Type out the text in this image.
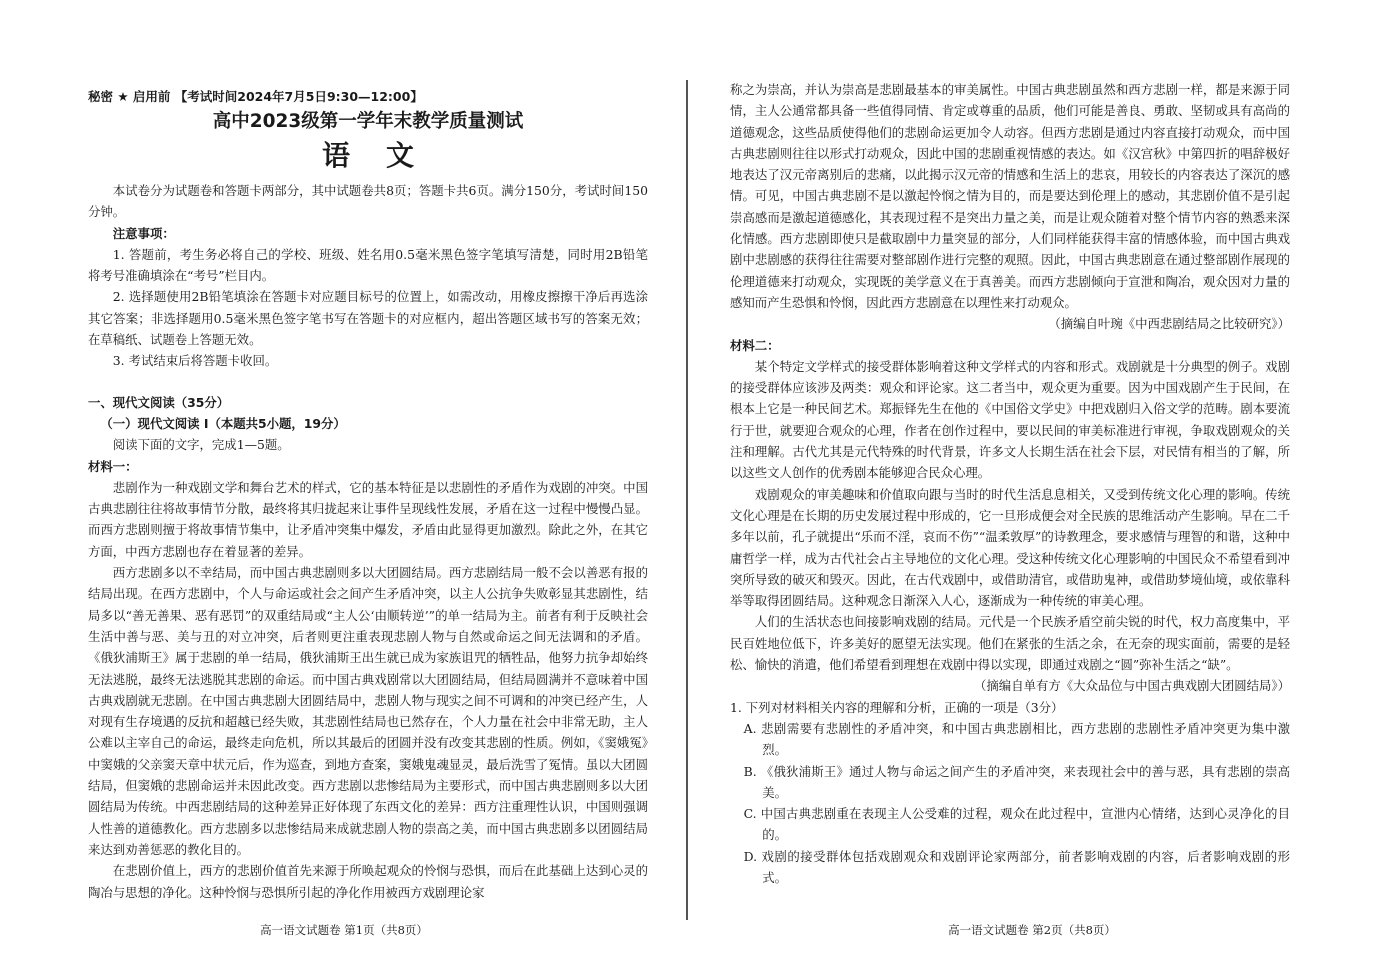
秘密 ★ 启用前 【考试时间2024年7月5日9:30—12:00】
高中2023级第一学年末教学质量测试
语文

本试卷分为试题卷和答题卡两部分，其中试题卷共8页；答题卡共6页。满分150分，考试时间150分钟。

注意事项：

1. 答题前，考生务必将自己的学校、班级、姓名用0.5毫米黑色签字笔填写清楚，同时用2B铅笔将考号准确填涂在“考号”栏目内。

2. 选择题使用2B铅笔填涂在答题卡对应题目标号的位置上，如需改动，用橡皮擦擦干净后再选涂其它答案；非选择题用0.5毫米黑色签字笔书写在答题卡的对应框内，超出答题区域书写的答案无效；在草稿纸、试题卷上答题无效。

3. 考试结束后将答题卡收回。

一、现代文阅读（35分）

（一）现代文阅读 Ⅰ（本题共5小题，19分）

阅读下面的文字，完成1—5题。

材料一：

悲剧作为一种戏剧文学和舞台艺术的样式，它的基本特征是以悲剧性的矛盾作为戏剧的冲突。中国古典悲剧往往将故事情节分散，最终将其归拢起来让事件呈现线性发展，矛盾在这一过程中慢慢凸显。而西方悲剧则擅于将故事情节集中，让矛盾冲突集中爆发，矛盾由此显得更加激烈。除此之外，在其它方面，中西方悲剧也存在着显著的差异。

西方悲剧多以不幸结局，而中国古典悲剧则多以大团圆结局。西方悲剧结局一般不会以善恶有报的结局出现。在西方悲剧中，个人与命运或社会之间产生矛盾冲突，以主人公抗争失败彰显其悲剧性，结局多以“善无善果、恶有恶罚”的双重结局或“主人公‘由顺转逆’”的单一结局为主。前者有利于反映社会生活中善与恶、美与丑的对立冲突，后者则更注重表现悲剧人物与自然或命运之间无法调和的矛盾。《俄狄浦斯王》属于悲剧的单一结局，俄狄浦斯王出生就已成为家族诅咒的牺牲品，他努力抗争却始终无法逃脱，最终无法逃脱其悲剧的命运。而中国古典戏剧常以大团圆结局，但结局圆满并不意味着中国古典戏剧就无悲剧。在中国古典悲剧大团圆结局中，悲剧人物与现实之间不可调和的冲突已经产生，人对现有生存境遇的反抗和超越已经失败，其悲剧性结局也已然存在，个人力量在社会中非常无助，主人公难以主宰自己的命运，最终走向危机，所以其最后的团圆并没有改变其悲剧的性质。例如，《窦娥冤》中窦娥的父亲窦天章中状元后，作为巡查，到地方查案，窦娥鬼魂显灵，最后洗雪了冤情。虽以大团圆结局，但窦娥的悲剧命运并未因此改变。西方悲剧以悲惨结局为主要形式，而中国古典悲剧则多以大团圆结局为传统。中西悲剧结局的这种差异正好体现了东西文化的差异：西方注重理性认识，中国则强调人性善的道德教化。西方悲剧多以悲惨结局来成就悲剧人物的崇高之美，而中国古典悲剧多以团圆结局来达到劝善惩恶的教化目的。

在悲剧价值上，西方的悲剧价值首先来源于所唤起观众的怜悯与恐惧，而后在此基础上达到心灵的陶冶与思想的净化。这种怜悯与恐惧所引起的净化作用被西方戏剧理论家

高一语文试题卷 第1页（共8页）

称之为崇高，并认为崇高是悲剧最基本的审美属性。中国古典悲剧虽然和西方悲剧一样，都是来源于同情，主人公通常都具备一些值得同情、肯定或尊重的品质，他们可能是善良、勇敢、坚韧或具有高尚的道德观念，这些品质使得他们的悲剧命运更加令人动容。但西方悲剧是通过内容直接打动观众，而中国古典悲剧则往往以形式打动观众，因此中国的悲剧重视情感的表达。如《汉宫秋》中第四折的唱辞极好地表达了汉元帝离别后的悲痛，以此揭示汉元帝的情感和生活上的悲哀，用较长的内容表达了深沉的感情。可见，中国古典悲剧不是以激起怜悯之情为目的，而是要达到伦理上的感动，其悲剧价值不是引起崇高感而是激起道德感化，其表现过程不是突出力量之美，而是让观众随着对整个情节内容的熟悉来深化情感。西方悲剧即使只是截取剧中力量突显的部分，人们同样能获得丰富的情感体验，而中国古典戏剧中悲剧感的获得往往需要对整部剧作进行完整的观照。因此，中国古典悲剧意在通过整部剧作展现的伦理道德来打动观众，实现既的美学意义在于真善美。而西方悲剧倾向于宣泄和陶冶，观众因对力量的感知而产生恐惧和怜悯，因此西方悲剧意在以理性来打动观众。

（摘编自叶琬《中西悲剧结局之比较研究》）

材料二：

某个特定文学样式的接受群体影响着这种文学样式的内容和形式。戏剧就是十分典型的例子。戏剧的接受群体应该涉及两类：观众和评论家。这二者当中，观众更为重要。因为中国戏剧产生于民间，在根本上它是一种民间艺术。郑振铎先生在他的《中国俗文学史》中把戏剧归入俗文学的范畴。剧本要流行于世，就要迎合观众的心理，作者在创作过程中，要以民间的审美标准进行审视，争取戏剧观众的关注和理解。古代尤其是元代特殊的时代背景，许多文人长期生活在社会下层，对民情有相当的了解，所以这些文人创作的优秀剧本能够迎合民众心理。

戏剧观众的审美趣味和价值取向跟与当时的时代生活息息相关，又受到传统文化心理的影响。传统文化心理是在长期的历史发展过程中形成的，它一旦形成便会对全民族的思维活动产生影响。早在二千多年以前，孔子就提出“乐而不淫，哀而不伤”“温柔敦厚”的诗教理念，要求感情与理智的和谐，这种中庸哲学一样，成为古代社会占主导地位的文化心理。受这种传统文化心理影响的中国民众不希望看到冲突所导致的破灭和毁灭。因此，在古代戏剧中，或借助清官，或借助鬼神，或借助梦境仙境，或依靠科举等取得团圆结局。这种观念日渐深入人心，逐渐成为一种传统的审美心理。

人们的生活状态也间接影响戏剧的结局。元代是一个民族矛盾空前尖锐的时代，权力高度集中，平民百姓地位低下，许多美好的愿望无法实现。他们在紧张的生活之余，在无奈的现实面前，需要的是轻松、愉快的消遣，他们希望看到理想在戏剧中得以实现，即通过戏剧之“圆”弥补生活之“缺”。

（摘编自单有方《大众品位与中国古典戏剧大团圆结局》）

1. 下列对材料相关内容的理解和分析，正确的一项是（3分）

A. 悲剧需要有悲剧性的矛盾冲突，和中国古典悲剧相比，西方悲剧的悲剧性矛盾冲突更为集中激烈。

B. 《俄狄浦斯王》通过人物与命运之间产生的矛盾冲突，来表现社会中的善与恶，具有悲剧的崇高美。

C. 中国古典悲剧重在表现主人公受难的过程，观众在此过程中，宣泄内心情绪，达到心灵净化的目的。

D. 戏剧的接受群体包括戏剧观众和戏剧评论家两部分，前者影响戏剧的内容，后者影响戏剧的形式。

高一语文试题卷 第2页（共8页）
